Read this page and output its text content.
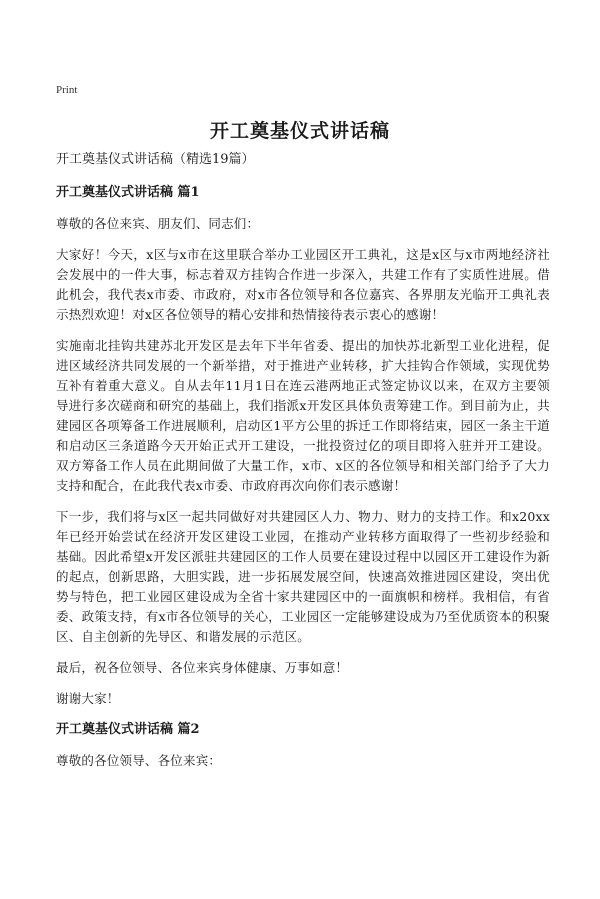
Print
开工奠基仪式讲话稿
开工奠基仪式讲话稿（精选19篇）
开工奠基仪式讲话稿 篇1

尊敬的各位来宾、朋友们、同志们：

大家好！今天，x区与x市在这里联合举办工业园区开工典礼，这是x区与x市两地经济社会发展中的一件大事，标志着双方挂钩合作进一步深入，共建工作有了实质性进展。借此机会，我代表x市委、市政府，对x市各位领导和各位嘉宾、各界朋友光临开工典礼表示热烈欢迎！对x区各位领导的精心安排和热情接待表示衷心的感谢！

实施南北挂钩共建苏北开发区是去年下半年省委、提出的加快苏北新型工业化进程，促进区域经济共同发展的一个新举措，对于推进产业转移，扩大挂钩合作领域，实现优势互补有着重大意义。自从去年11月1日在连云港两地正式签定协议以来，在双方主要领导进行多次磋商和研究的基础上，我们指派x开发区具体负责筹建工作。到目前为止，共建园区各项筹备工作进展顺利，启动区1平方公里的拆迁工作即将结束，园区一条主干道和启动区三条道路今天开始正式开工建设，一批投资过亿的项目即将入驻并开工建设。双方筹备工作人员在此期间做了大量工作，x市、x区的各位领导和相关部门给予了大力支持和配合，在此我代表x市委、市政府再次向你们表示感谢！

下一步，我们将与x区一起共同做好对共建园区人力、物力、财力的支持工作。和x20xx年已经开始尝试在经济开发区建设工业园，在推动产业转移方面取得了一些初步经验和基础。因此希望x开发区派驻共建园区的工作人员要在建设过程中以园区开工建设作为新的起点，创新思路，大胆实践，进一步拓展发展空间，快速高效推进园区建设，突出优势与特色，把工业园区建设成为全省十家共建园区中的一面旗帜和榜样。我相信，有省委、政策支持，有x市各位领导的关心，工业园区一定能够建设成为乃至优质资本的积聚区、自主创新的先导区、和谐发展的示范区。

最后，祝各位领导、各位来宾身体健康、万事如意！

谢谢大家！

开工奠基仪式讲话稿 篇2

尊敬的各位领导、各位来宾：
